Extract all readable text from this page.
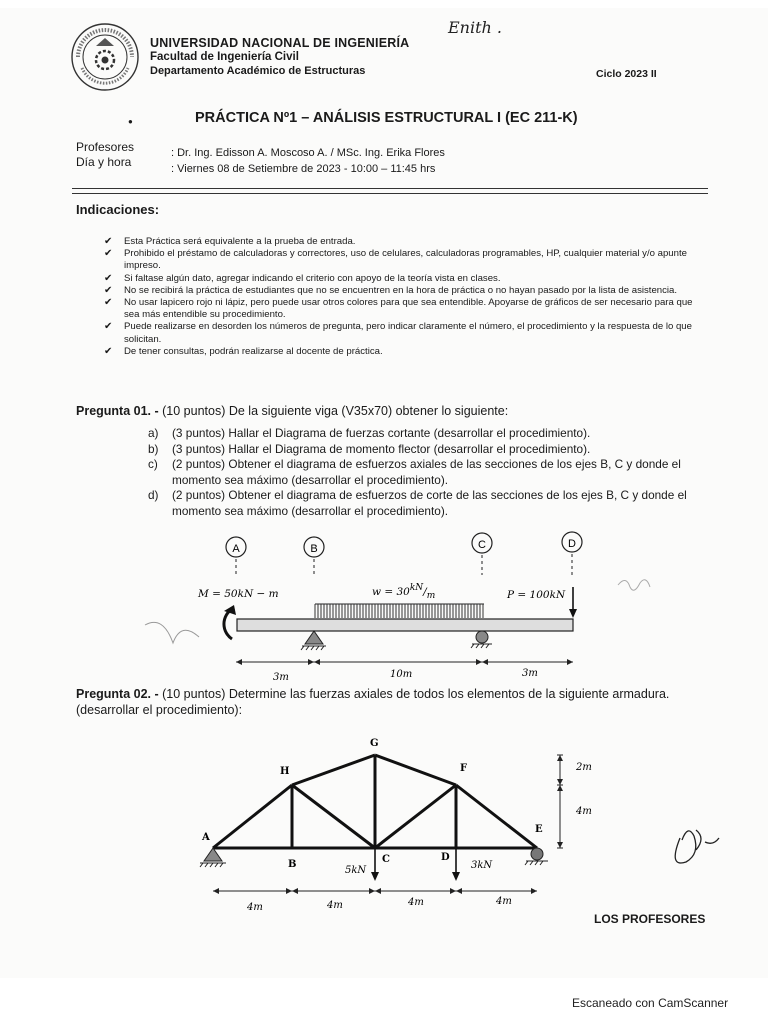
UNIVERSIDAD NACIONAL DE INGENIERÍA
Facultad de Ingeniería Civil
Departamento Académico de Estructuras	Ciclo 2023 II
Enith .
●	PRÁCTICA Nº1 – ANÁLISIS ESTRUCTURAL I (EC 211-K)
Profesores	: Dr. Ing. Edisson A. Moscoso A. / MSc. Ing. Erika Flores
Día y hora	: Viernes 08 de Setiembre de 2023 - 10:00 – 11:45 hrs
Indicaciones:
✔ Esta Práctica será equivalente a la prueba de entrada.
✔ Prohibido el préstamo de calculadoras y correctores, uso de celulares, calculadoras programables, HP, cualquier material y/o apunte impreso.
✔ Si faltase algún dato, agregar indicando el criterio con apoyo de la teoría vista en clases.
✔ No se recibirá la práctica de estudiantes que no se encuentren en la hora de práctica o no hayan pasado por la lista de asistencia.
✔ No usar lapicero rojo ni lápiz, pero puede usar otros colores para que sea entendible. Apoyarse de gráficos de ser necesario para que sea más entendible su procedimiento.
✔ Puede realizarse en desorden los números de pregunta, pero indicar claramente el número, el procedimiento y la respuesta de lo que solicitan.
✔ De tener consultas, podrán realizarse al docente de práctica.
Pregunta 01. - (10 puntos) De la siguiente viga (V35x70) obtener lo siguiente:
a) (3 puntos) Hallar el Diagrama de fuerzas cortante (desarrollar el procedimiento).
b) (3 puntos) Hallar el Diagrama de momento flector (desarrollar el procedimiento).
c) (2 puntos) Obtener el diagrama de esfuerzos axiales de las secciones de los ejes B, C y donde el momento sea máximo (desarrollar el procedimiento).
d) (2 puntos) Obtener el diagrama de esfuerzos de corte de las secciones de los ejes B, C y donde el momento sea máximo (desarrollar el procedimiento).
A	B	C	D
M = 50kN − m	w = 30kN/m	P = 100kN
3m	10m	3m
Pregunta 02. - (10 puntos) Determine las fuerzas axiales de todos los elementos de la siguiente armadura. (desarrollar el procedimiento):
A
B	C	D
E
F
G
H
5kN	3kN
2m
4m
4m	4m	4m	4m
LOS PROFESORES
Escaneado con CamScanner
